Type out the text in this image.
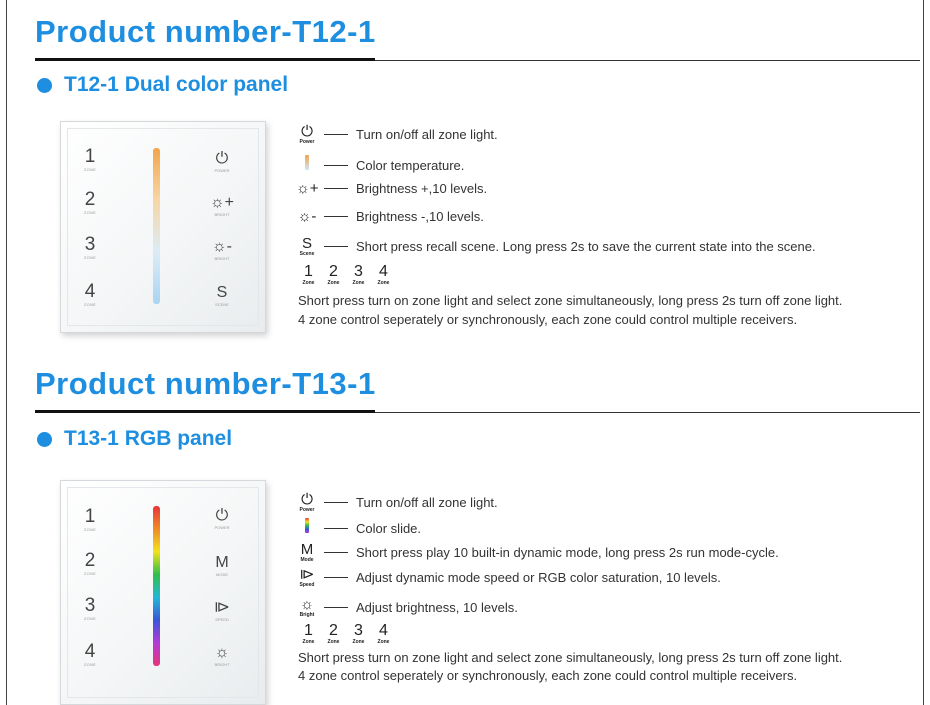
Product number-T12-1
T12-1 Dual color panel
1
ZONE
2
ZONE
3
ZONE
4
ZONE
⏻
POWER
☼+
BRIGHT
☼-
BRIGHT
S
SCENE
⏻
Power	Turn on/off all zone light.
Color temperature.
☼+	Brightness +,10 levels.
☼-	Brightness -,10 levels.
S
Scene	Short press recall scene. Long press 2s to save the current state into the scene.
1
Zone
2
Zone
3
Zone
4
Zone
Short press turn on zone light and select zone simultaneously, long press 2s turn off zone light.
4 zone control seperately or synchronously, each zone could control multiple receivers.
Product number-T13-1
T13-1 RGB panel
1
ZONE
2
ZONE
3
ZONE
4
ZONE
⏻
POWER
M
MODE
⧐
SPEED
☼
BRIGHT
⏻
Power	Turn on/off all zone light.
Color slide.
M
Mode	Short press play 10 built-in dynamic mode, long press 2s run mode-cycle.
⧐
Speed	Adjust dynamic mode speed or RGB color saturation, 10 levels.
☼
Bright	Adjust brightness, 10 levels.
1
Zone
2
Zone
3
Zone
4
Zone
Short press turn on zone light and select zone simultaneously, long press 2s turn off zone light.
4 zone control seperately or synchronously, each zone could control multiple receivers.
